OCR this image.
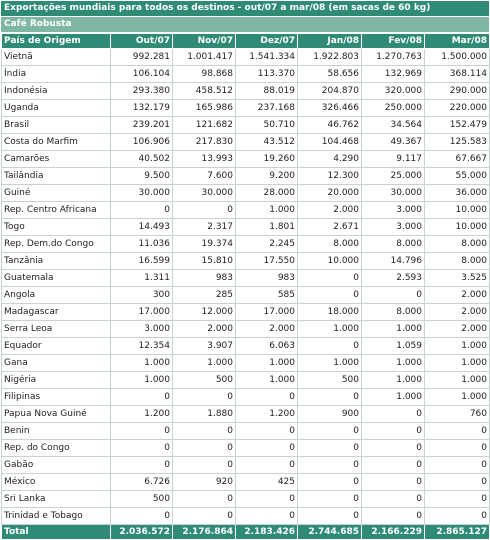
Exportações mundiais para todos os destinos - out/07 a mar/08 (em sacas de 60 kg)
Café Robusta
País de Origem	Out/07	Nov/07	Dez/07	Jan/08	Fev/08	Mar/08
Vietnã	992.281	1.001.417	1.541.334	1.922.803	1.270.763	1.500.000
Índia	106.104	98.868	113.370	58.656	132.969	368.114
Indonésia	293.380	458.512	88.019	204.870	320.000	290.000
Uganda	132.179	165.986	237.168	326.466	250.000	220.000
Brasil	239.201	121.682	50.710	46.762	34.564	152.479
Costa do Marfim	106.906	217.830	43.512	104.468	49.367	125.583
Camarões	40.502	13.993	19.260	4.290	9.117	67.667
Tailândia	9.500	7.600	9.200	12.300	25.000	55.000
Guiné	30.000	30.000	28.000	20.000	30.000	36.000
Rep. Centro Africana	0	0	1.000	2.000	3.000	10.000
Togo	14.493	2.317	1.801	2.671	3.000	10.000
Rep. Dem.do Congo	11.036	19.374	2.245	8.000	8.000	8.000
Tanzânia	16.599	15.810	17.550	10.000	14.796	8.000
Guatemala	1.311	983	983	0	2.593	3.525
Angola	300	285	585	0	0	2.000
Madagascar	17.000	12.000	17.000	18.000	8.000	2.000
Serra Leoa	3.000	2.000	2.000	1.000	1.000	2.000
Equador	12.354	3.907	6.063	0	1.059	1.000
Gana	1.000	1.000	1.000	1.000	1.000	1.000
Nigéria	1.000	500	1.000	500	1.000	1.000
Filipinas	0	0	0	0	1.000	1.000
Papua Nova Guiné	1.200	1.880	1.200	900	0	760
Benin	0	0	0	0	0	0
Rep. do Congo	0	0	0	0	0	0
Gabão	0	0	0	0	0	0
México	6.726	920	425	0	0	0
Sri Lanka	500	0	0	0	0	0
Trinidad e Tobago	0	0	0	0	0	0
Total	2.036.572	2.176.864	2.183.426	2.744.685	2.166.229	2.865.127
